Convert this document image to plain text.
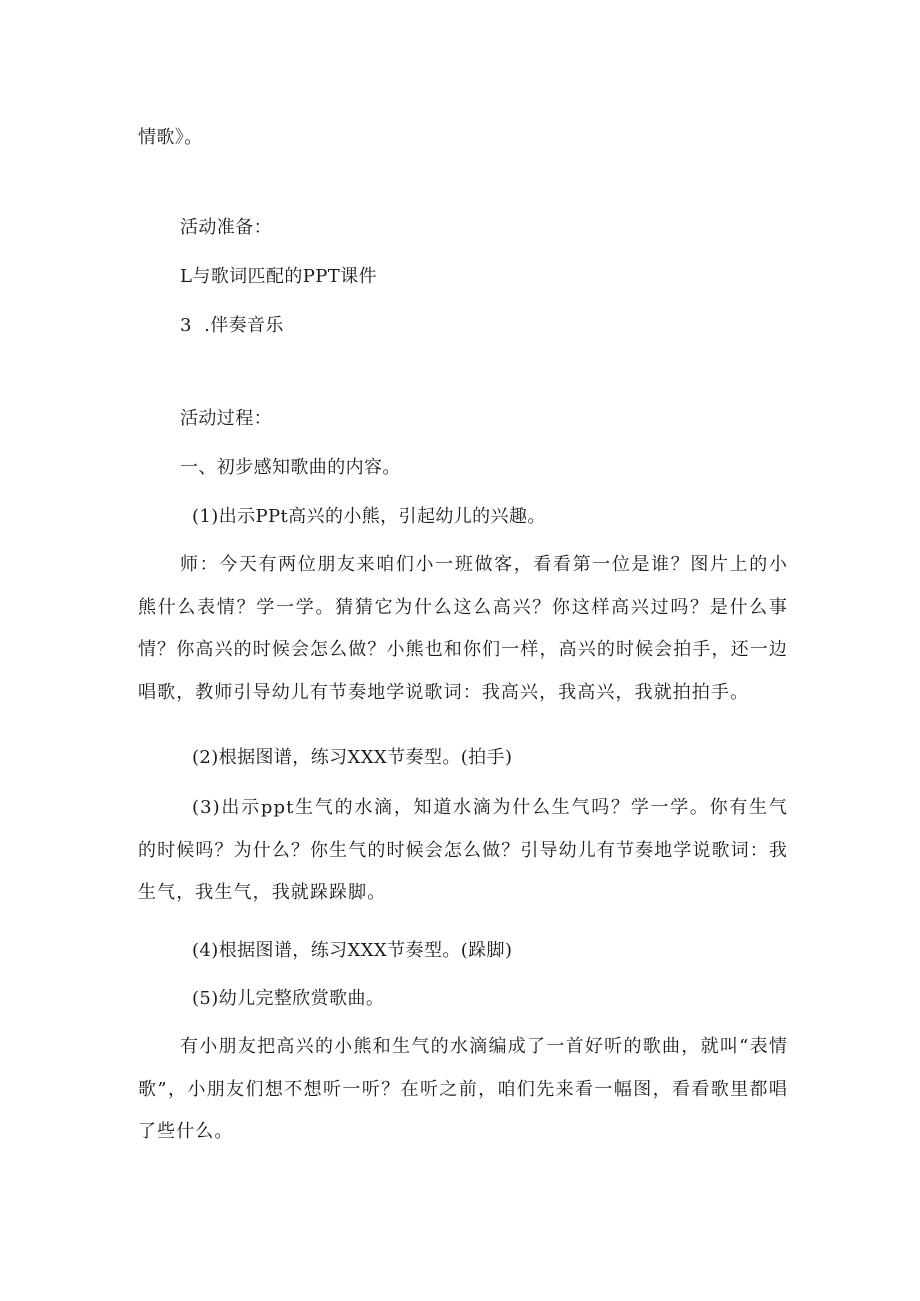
情歌》。
活动准备：
L与歌词匹配的PPT课件
3  .伴奏音乐
活动过程：
一、初步感知歌曲的内容。
(1)出示PPt高兴的小熊，引起幼儿的兴趣。
师：今天有两位朋友来咱们小一班做客，看看第一位是谁？图片上的小熊什么表情？学一学。猜猜它为什么这么高兴？你这样高兴过吗？是什么事情？你高兴的时候会怎么做？小熊也和你们一样，高兴的时候会拍手，还一边唱歌，教师引导幼儿有节奏地学说歌词：我高兴，我高兴，我就拍拍手。
(2)根据图谱，练习XXX节奏型。(拍手)
(3)出示ppt生气的水滴，知道水滴为什么生气吗？学一学。你有生气的时候吗？为什么？你生气的时候会怎么做？引导幼儿有节奏地学说歌词：我生气，我生气，我就跺跺脚。
(4)根据图谱，练习XXX节奏型。(跺脚)
(5)幼儿完整欣赏歌曲。
有小朋友把高兴的小熊和生气的水滴编成了一首好听的歌曲，就叫“表情歌”，小朋友们想不想听一听？在听之前，咱们先来看一幅图，看看歌里都唱了些什么。
